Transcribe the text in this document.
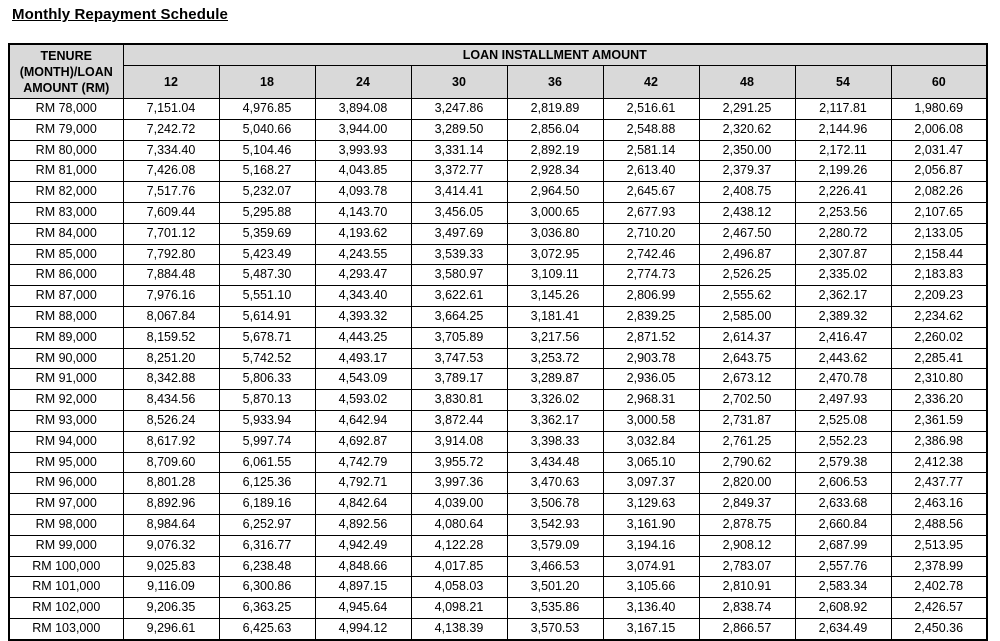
Monthly Repayment Schedule
TENURE (MONTH)/LOAN AMOUNT (RM)	LOAN INSTALLMENT AMOUNT								
	12	18	24	30	36	42	48	54	60
RM 78,000	7,151.04	4,976.85	3,894.08	3,247.86	2,819.89	2,516.61	2,291.25	2,117.81	1,980.69
RM 79,000	7,242.72	5,040.66	3,944.00	3,289.50	2,856.04	2,548.88	2,320.62	2,144.96	2,006.08
RM 80,000	7,334.40	5,104.46	3,993.93	3,331.14	2,892.19	2,581.14	2,350.00	2,172.11	2,031.47
RM 81,000	7,426.08	5,168.27	4,043.85	3,372.77	2,928.34	2,613.40	2,379.37	2,199.26	2,056.87
RM 82,000	7,517.76	5,232.07	4,093.78	3,414.41	2,964.50	2,645.67	2,408.75	2,226.41	2,082.26
RM 83,000	7,609.44	5,295.88	4,143.70	3,456.05	3,000.65	2,677.93	2,438.12	2,253.56	2,107.65
RM 84,000	7,701.12	5,359.69	4,193.62	3,497.69	3,036.80	2,710.20	2,467.50	2,280.72	2,133.05
RM 85,000	7,792.80	5,423.49	4,243.55	3,539.33	3,072.95	2,742.46	2,496.87	2,307.87	2,158.44
RM 86,000	7,884.48	5,487.30	4,293.47	3,580.97	3,109.11	2,774.73	2,526.25	2,335.02	2,183.83
RM 87,000	7,976.16	5,551.10	4,343.40	3,622.61	3,145.26	2,806.99	2,555.62	2,362.17	2,209.23
RM 88,000	8,067.84	5,614.91	4,393.32	3,664.25	3,181.41	2,839.25	2,585.00	2,389.32	2,234.62
RM 89,000	8,159.52	5,678.71	4,443.25	3,705.89	3,217.56	2,871.52	2,614.37	2,416.47	2,260.02
RM 90,000	8,251.20	5,742.52	4,493.17	3,747.53	3,253.72	2,903.78	2,643.75	2,443.62	2,285.41
RM 91,000	8,342.88	5,806.33	4,543.09	3,789.17	3,289.87	2,936.05	2,673.12	2,470.78	2,310.80
RM 92,000	8,434.56	5,870.13	4,593.02	3,830.81	3,326.02	2,968.31	2,702.50	2,497.93	2,336.20
RM 93,000	8,526.24	5,933.94	4,642.94	3,872.44	3,362.17	3,000.58	2,731.87	2,525.08	2,361.59
RM 94,000	8,617.92	5,997.74	4,692.87	3,914.08	3,398.33	3,032.84	2,761.25	2,552.23	2,386.98
RM 95,000	8,709.60	6,061.55	4,742.79	3,955.72	3,434.48	3,065.10	2,790.62	2,579.38	2,412.38
RM 96,000	8,801.28	6,125.36	4,792.71	3,997.36	3,470.63	3,097.37	2,820.00	2,606.53	2,437.77
RM 97,000	8,892.96	6,189.16	4,842.64	4,039.00	3,506.78	3,129.63	2,849.37	2,633.68	2,463.16
RM 98,000	8,984.64	6,252.97	4,892.56	4,080.64	3,542.93	3,161.90	2,878.75	2,660.84	2,488.56
RM 99,000	9,076.32	6,316.77	4,942.49	4,122.28	3,579.09	3,194.16	2,908.12	2,687.99	2,513.95
RM 100,000	9,025.83	6,238.48	4,848.66	4,017.85	3,466.53	3,074.91	2,783.07	2,557.76	2,378.99
RM 101,000	9,116.09	6,300.86	4,897.15	4,058.03	3,501.20	3,105.66	2,810.91	2,583.34	2,402.78
RM 102,000	9,206.35	6,363.25	4,945.64	4,098.21	3,535.86	3,136.40	2,838.74	2,608.92	2,426.57
RM 103,000	9,296.61	6,425.63	4,994.12	4,138.39	3,570.53	3,167.15	2,866.57	2,634.49	2,450.36
